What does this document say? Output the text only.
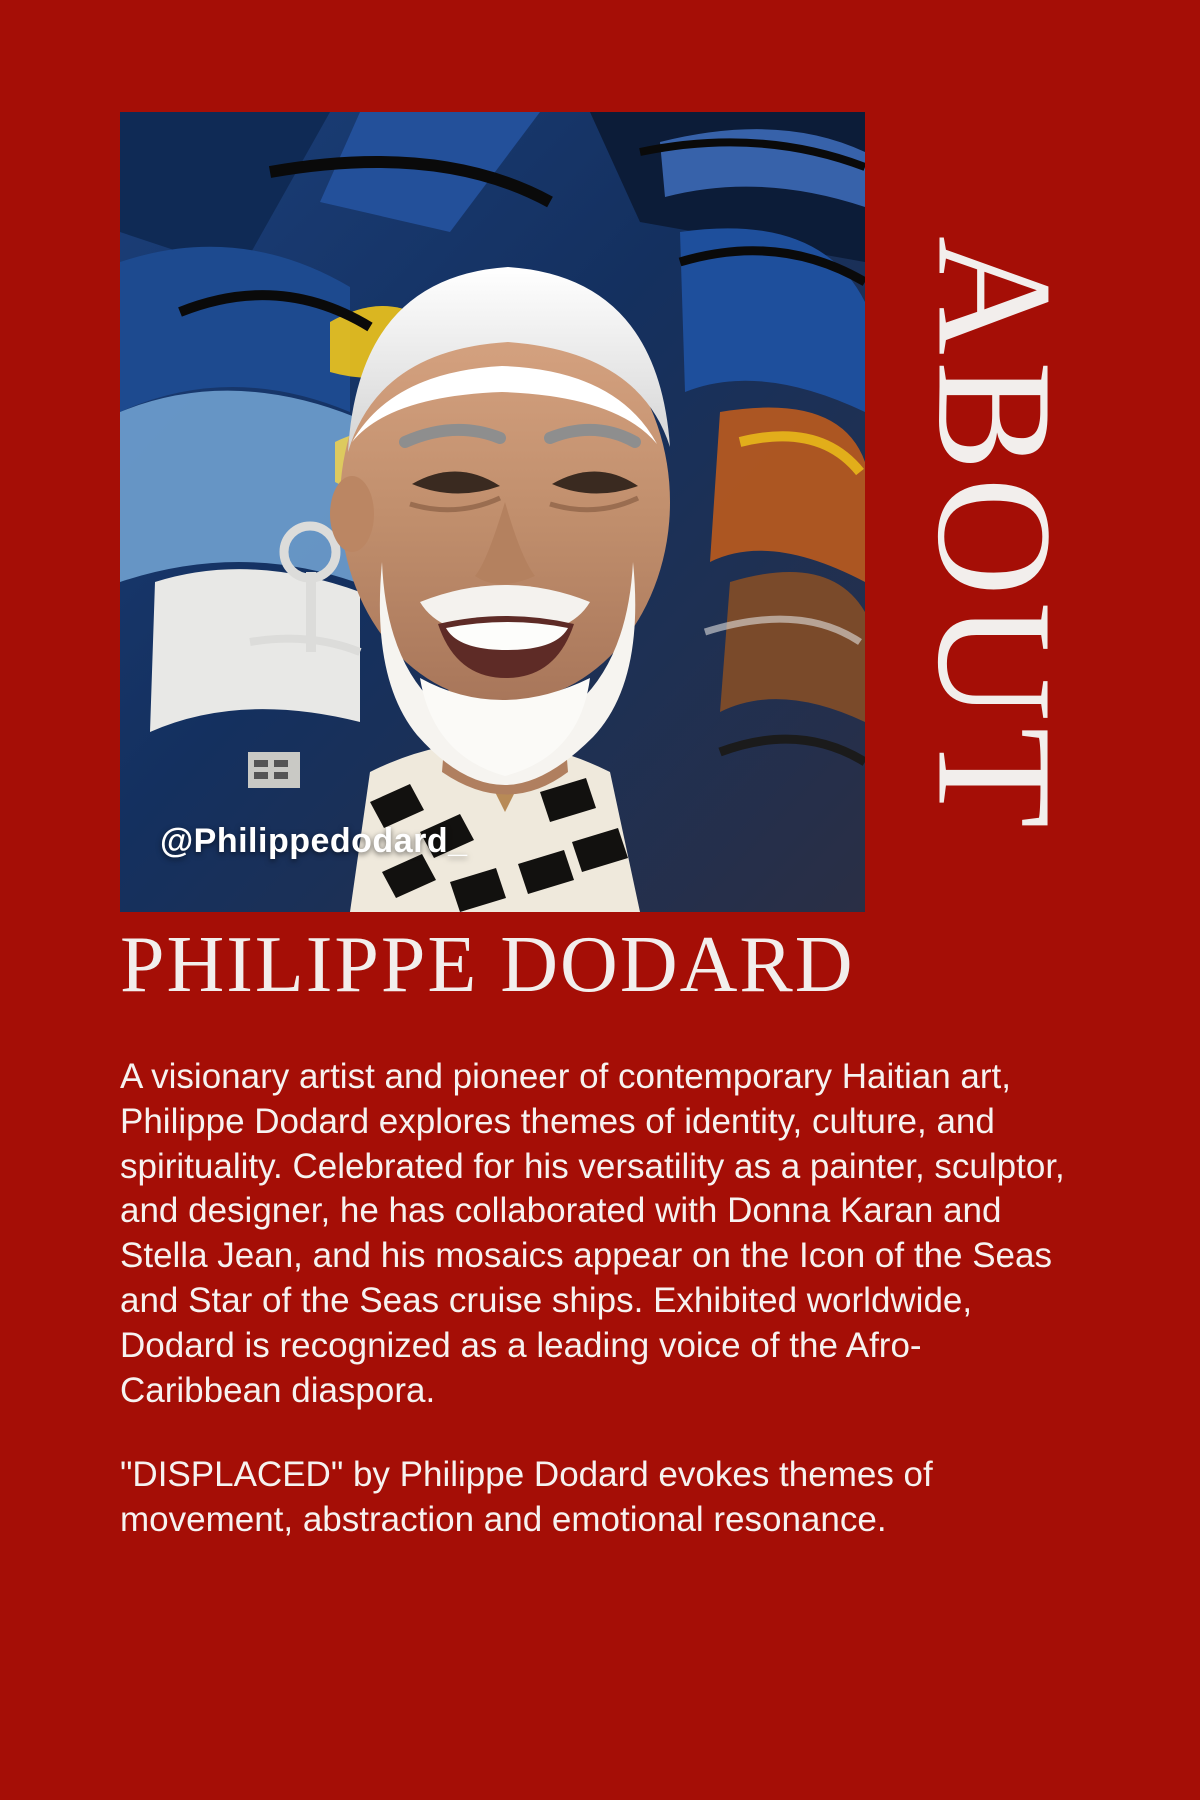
ABOUT
@Philippedodard_
PHILIPPE DODARD

A visionary artist and pioneer of contemporary Haitian art, Philippe Dodard explores themes of identity, culture, and spirituality. Celebrated for his versatility as a painter, sculptor, and designer, he has collaborated with Donna Karan and Stella Jean, and his mosaics appear on the Icon of the Seas and Star of the Seas cruise ships. Exhibited worldwide, Dodard is recognized as a leading voice of the Afro-Caribbean diaspora.

"DISPLACED" by Philippe Dodard evokes themes of movement, abstraction and emotional resonance.
